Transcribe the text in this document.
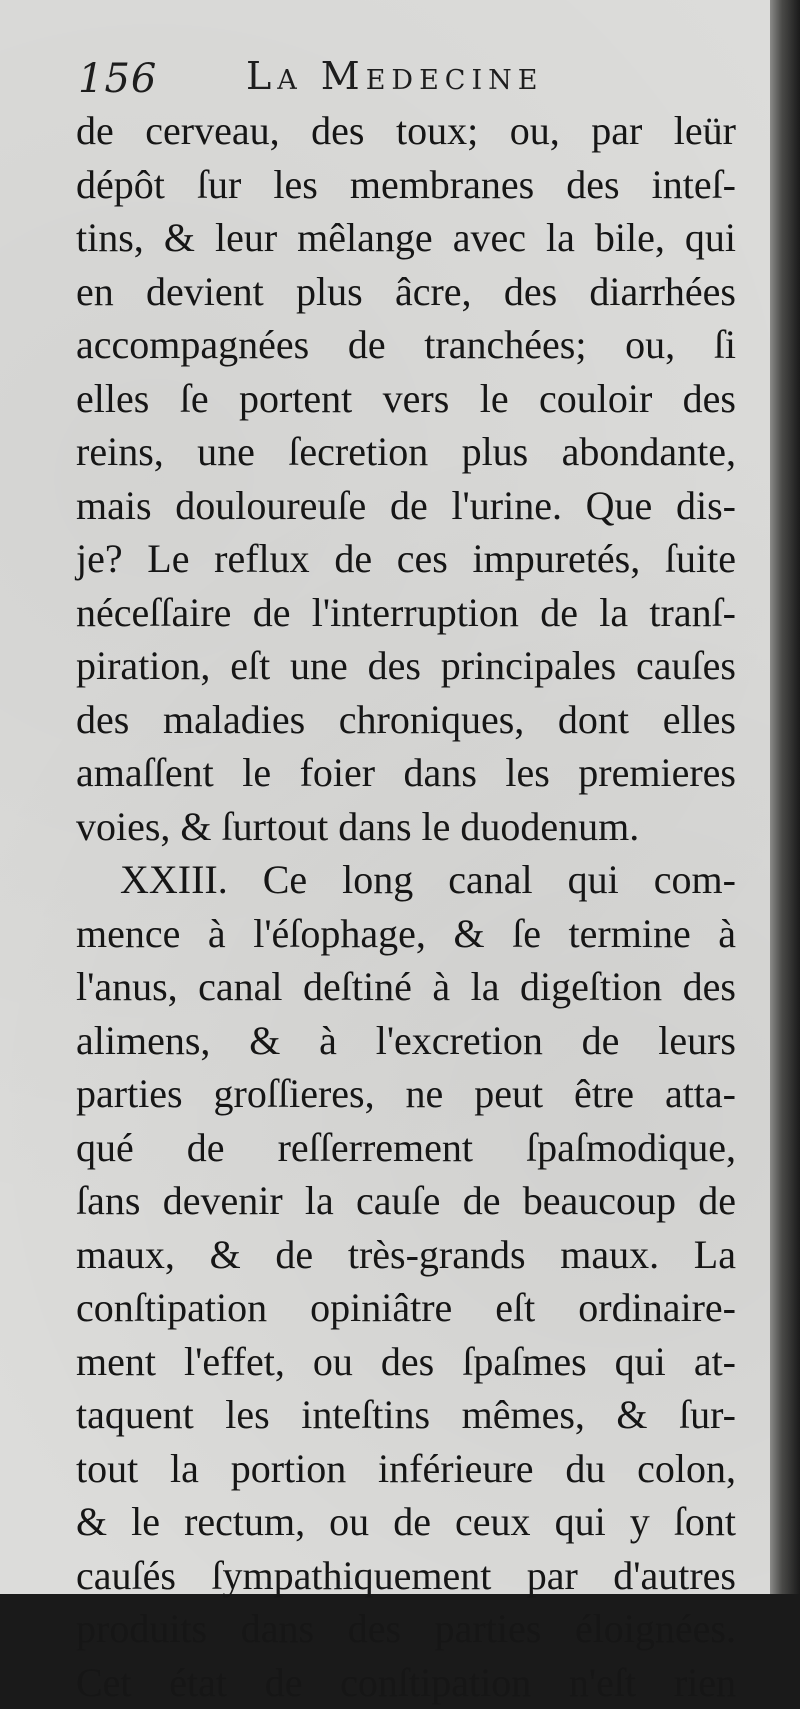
156 La Medecine
de cerveau, des toux; ou, par leür
dépôt ſur les membranes des inteſ-
tins, & leur mêlange avec la bile, qui
en devient plus âcre, des diarrhées
accompagnées de tranchées; ou, ſi
elles ſe portent vers le couloir des
reins, une ſecretion plus abondante,
mais douloureuſe de l'urine. Que dis-
je? Le reflux de ces impuretés, ſuite
néceſſaire de l'interruption de la tranſ-
piration, eſt une des principales cauſes
des maladies chroniques, dont elles
amaſſent le foier dans les premieres
voies, & ſurtout dans le duodenum.
XXIII. Ce long canal qui com-
mence à l'éſophage, & ſe termine à
l'anus, canal deſtiné à la digeſtion des
alimens, & à l'excretion de leurs
parties groſſieres, ne peut être atta-
qué de reſſerrement ſpaſmodique,
ſans devenir la cauſe de beaucoup de
maux, & de très-grands maux. La
conſtipation opiniâtre eſt ordinaire-
ment l'effet, ou des ſpaſmes qui at-
taquent les inteſtins mêmes, & ſur-
tout la portion inférieure du colon,
& le rectum, ou de ceux qui y ſont
cauſés ſympathiquement par d'autres
produits dans des parties éloignées.
Cet état de conſtipation n'eſt rien
